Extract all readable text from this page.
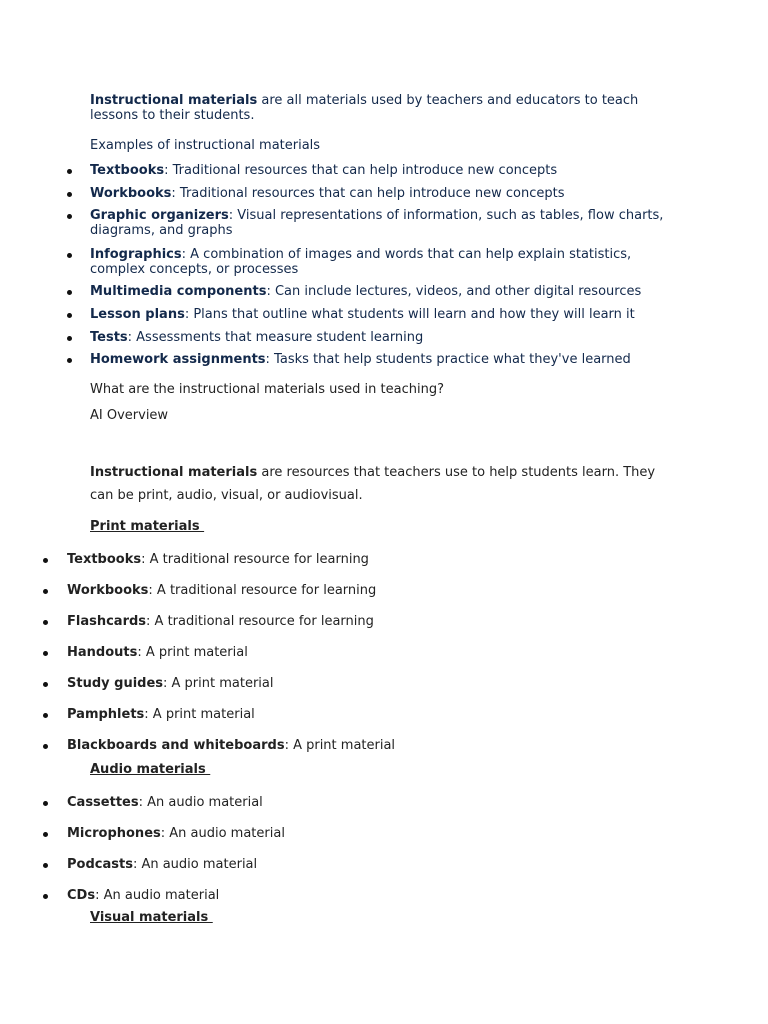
Instructional materials are all materials used by teachers and educators to teach lessons to their students.
Examples of instructional materials
Textbooks: Traditional resources that can help introduce new concepts
Workbooks: Traditional resources that can help introduce new concepts
Graphic organizers: Visual representations of information, such as tables, flow charts, diagrams, and graphs
Infographics: A combination of images and words that can help explain statistics, complex concepts, or processes
Multimedia components: Can include lectures, videos, and other digital resources
Lesson plans: Plans that outline what students will learn and how they will learn it
Tests: Assessments that measure student learning
Homework assignments: Tasks that help students practice what they've learned
What are the instructional materials used in teaching?
AI Overview
Instructional materials are resources that teachers use to help students learn. They can be print, audio, visual, or audiovisual.
Print materials
Textbooks: A traditional resource for learning
Workbooks: A traditional resource for learning
Flashcards: A traditional resource for learning
Handouts: A print material
Study guides: A print material
Pamphlets: A print material
Blackboards and whiteboards: A print material
Audio materials
Cassettes: An audio material
Microphones: An audio material
Podcasts: An audio material
CDs: An audio material
Visual materials
